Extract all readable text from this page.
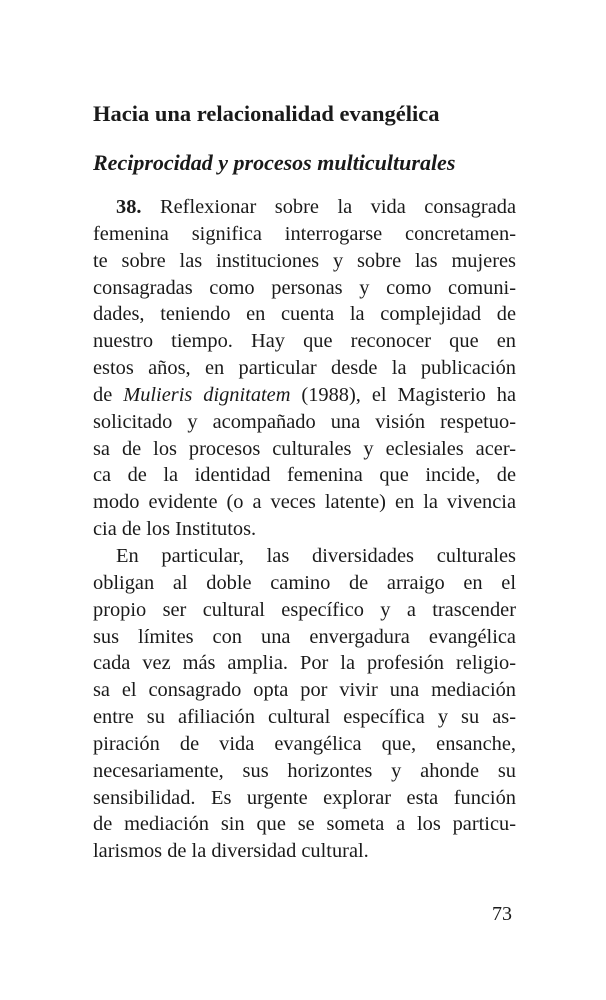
Hacia una relacionalidad evangélica
Reciprocidad y procesos multiculturales
38. Reflexionar sobre la vida consagrada
femenina significa interrogarse concretamen-
te sobre las instituciones y sobre las mujeres
consagradas como personas y como comuni-
dades, teniendo en cuenta la complejidad de
nuestro tiempo. Hay que reconocer que en
estos años, en particular desde la publicación
de Mulieris dignitatem (1988), el Magisterio ha
solicitado y acompañado una visión respetuo-
sa de los procesos culturales y eclesiales acer-
ca de la identidad femenina que incide, de
modo evidente (o a veces latente) en la vivencia
cia de los Institutos.
En particular, las diversidades culturales
obligan al doble camino de arraigo en el
propio ser cultural específico y a trascender
sus límites con una envergadura evangélica
cada vez más amplia. Por la profesión religio-
sa el consagrado opta por vivir una mediación
entre su afiliación cultural específica y su as-
piración de vida evangélica que, ensanche,
necesariamente, sus horizontes y ahonde su
sensibilidad. Es urgente explorar esta función
de mediación sin que se someta a los particu-
larismos de la diversidad cultural.
73
